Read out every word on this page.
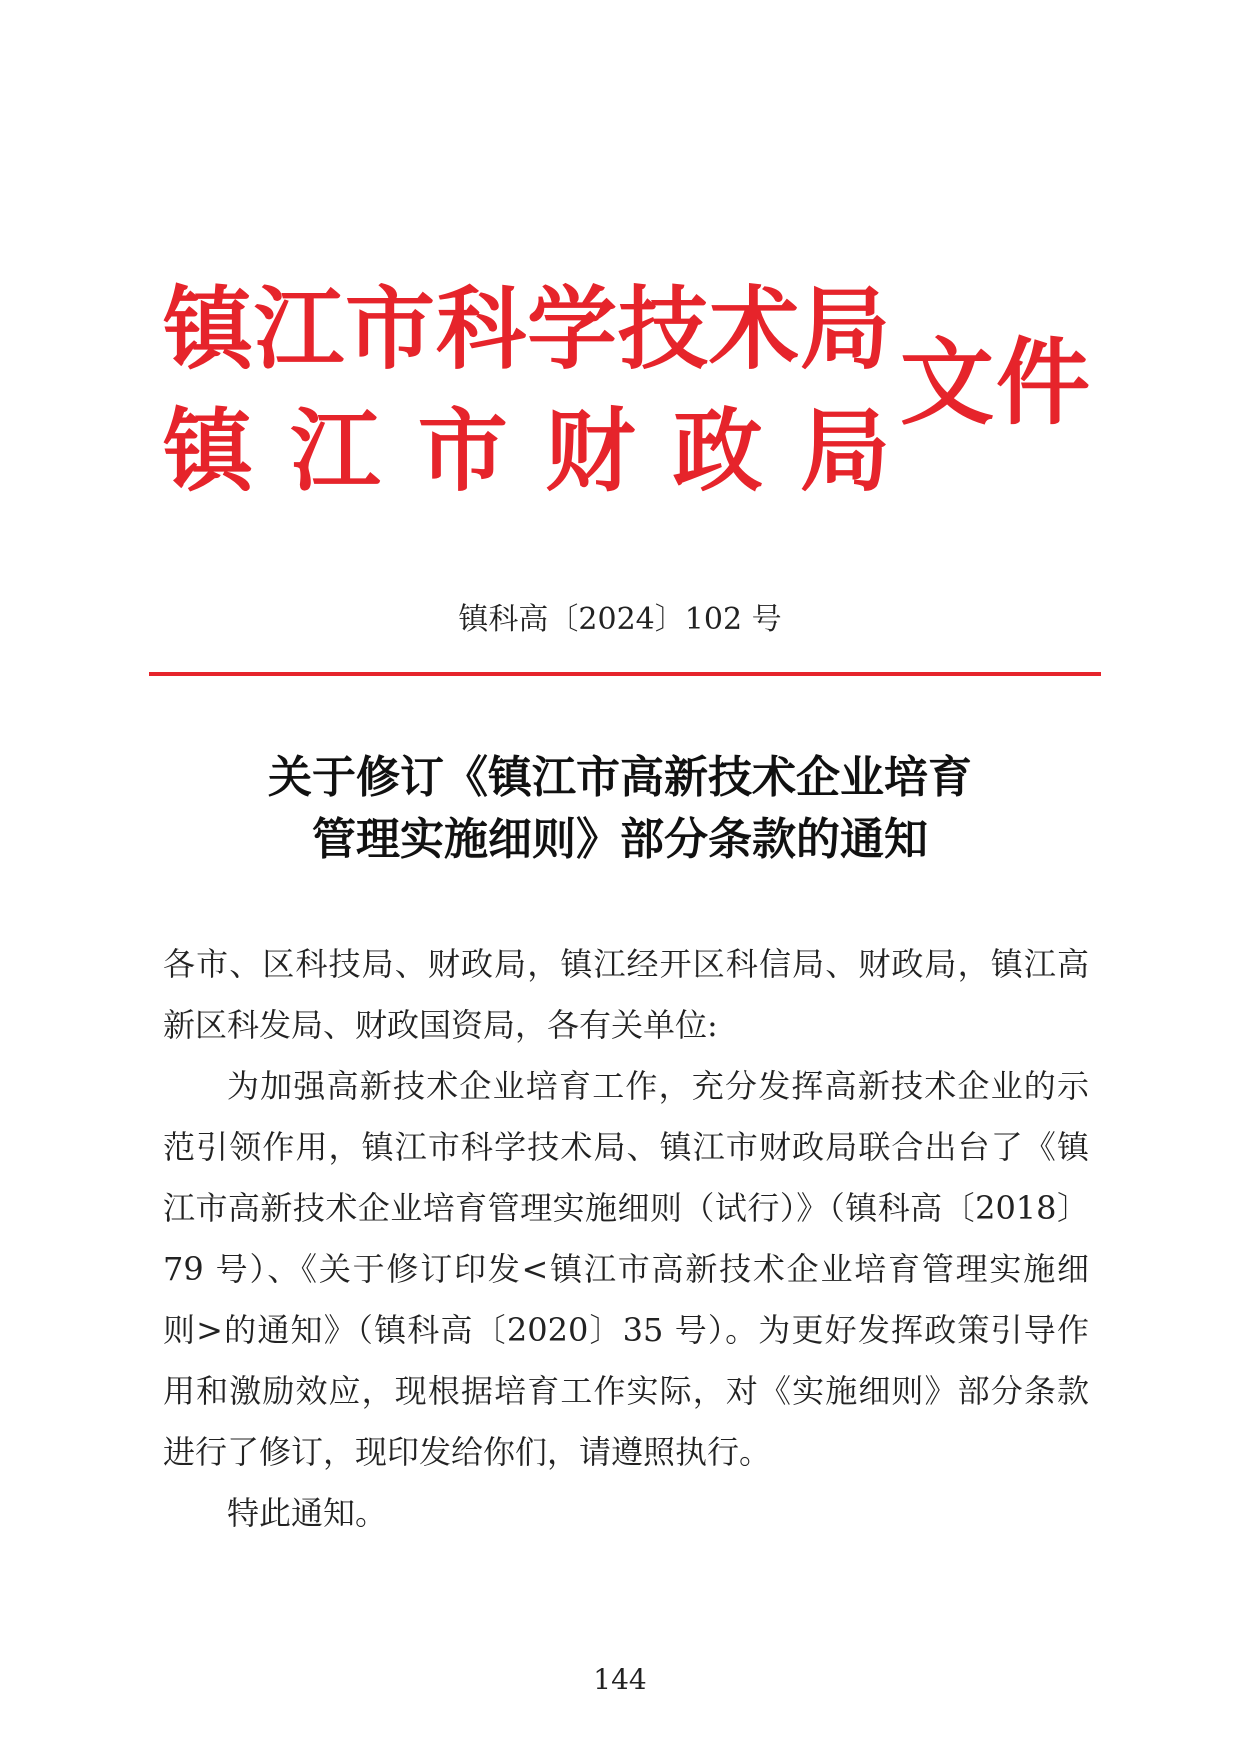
镇江市科学技术局
镇 江 市 财 政 局
文件
镇科高〔2024〕102 号
关于修订《镇江市高新技术企业培育
管理实施细则》部分条款的通知
各市、区科技局、财政局，镇江经开区科信局、财政局，镇江高
新区科发局、财政国资局，各有关单位:
为加强高新技术企业培育工作，充分发挥高新技术企业的示
范引领作用，镇江市科学技术局、镇江市财政局联合出台了《镇
江市高新技术企业培育管理实施细则（试行）》（镇科高〔2018〕
79 号）、《关于修订印发<镇江市高新技术企业培育管理实施细
则>的通知》（镇科高〔2020〕35 号）。为更好发挥政策引导作
用和激励效应，现根据培育工作实际，对《实施细则》部分条款
进行了修订，现印发给你们，请遵照执行。
特此通知。
144
